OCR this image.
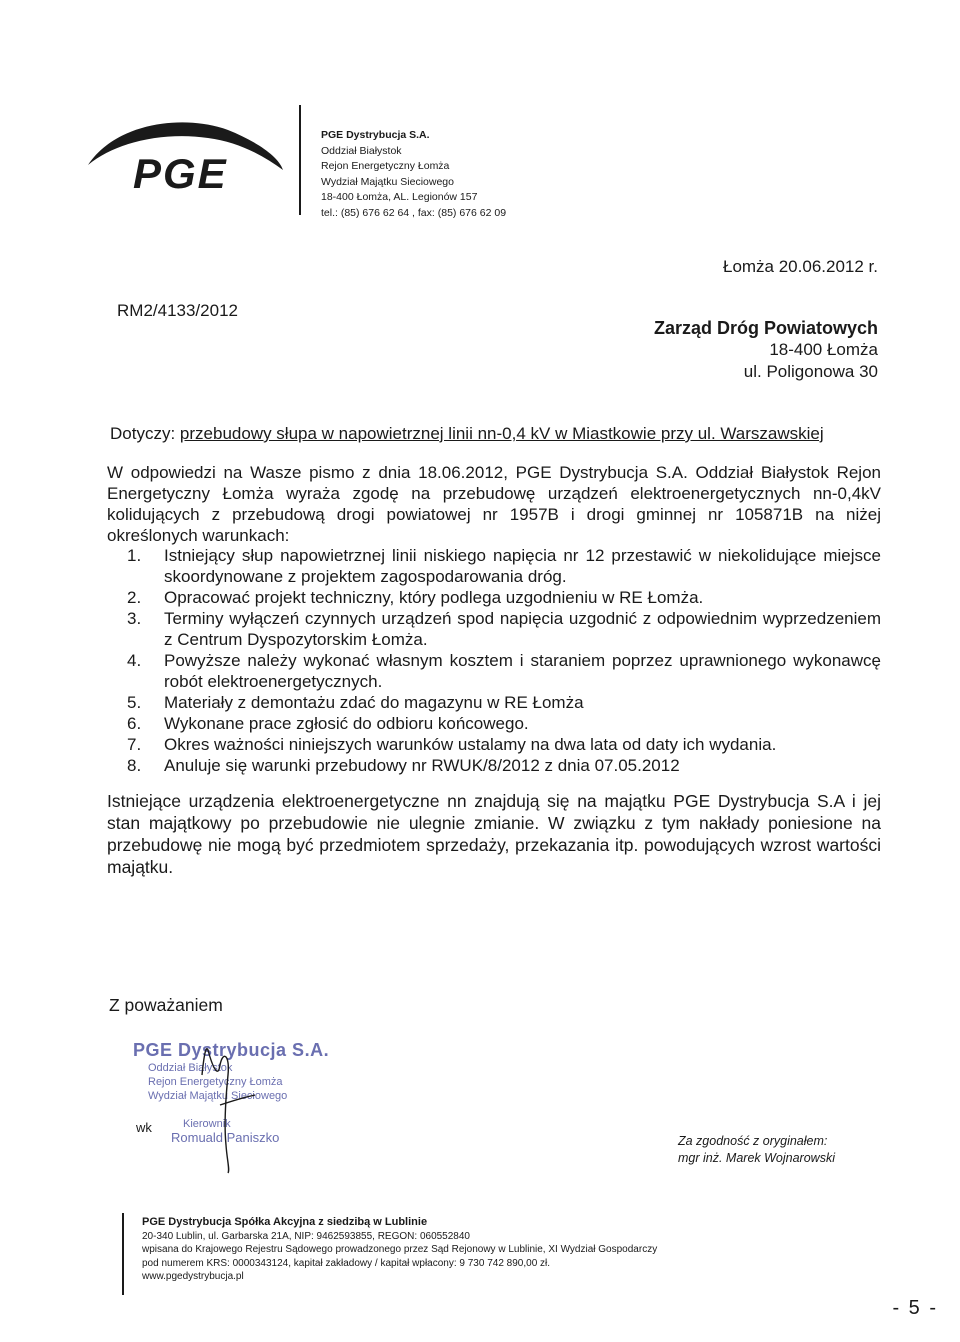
PGE
PGE Dystrybucja S.A.
Oddział Białystok
Rejon Energetyczny Łomża
Wydział Majątku Sieciowego
18-400 Łomża, AL. Legionów 157
tel.: (85) 676 62 64 , fax: (85) 676 62 09
Łomża 20.06.2012 r.
RM2/4133/2012
Zarząd Dróg Powiatowych
18-400 Łomża
ul. Poligonowa 30
Dotyczy: przebudowy słupa w napowietrznej linii nn-0,4 kV w Miastkowie przy ul. Warszawskiej
W odpowiedzi na Wasze pismo z dnia 18.06.2012, PGE Dystrybucja S.A. Oddział Białystok Rejon Energetyczny Łomża wyraża zgodę na przebudowę urządzeń elektroenergetycznych nn-0,4kV kolidujących z przebudową drogi powiatowej nr 1957B i drogi gminnej nr 105871B na niżej określonych warunkach:
1.	Istniejący słup napowietrznej linii niskiego napięcia nr 12 przestawić w niekolidujące miejsce skoordynowane z projektem zagospodarowania dróg.
2.	Opracować projekt techniczny, który podlega uzgodnieniu w RE Łomża.
3.	Terminy wyłączeń czynnych urządzeń spod napięcia uzgodnić z odpowiednim wyprzedzeniem z Centrum Dyspozytorskim Łomża.
4.	Powyższe należy wykonać własnym kosztem i staraniem poprzez uprawnionego wykonawcę robót elektroenergetycznych.
5.	Materiały z demontażu zdać do magazynu w RE Łomża
6.	Wykonane prace zgłosić do odbioru końcowego.
7.	Okres ważności niniejszych warunków ustalamy na dwa lata od daty ich wydania.
8.	Anuluje się warunki przebudowy nr RWUK/8/2012 z dnia 07.05.2012
Istniejące urządzenia elektroenergetyczne nn znajdują się na majątku PGE Dystrybucja S.A i jej stan majątkowy po przebudowie nie ulegnie zmianie. W związku z tym nakłady poniesione na przebudowę nie mogą być przedmiotem sprzedaży, przekazania itp. powodujących wzrost wartości majątku.
Z poważaniem
PGE Dystrybucja S.A.
Oddział Białystok
Rejon Energetyczny Łomża
Wydział Majątku Sieciowego
Kierownik
Romuald Paniszko
wk
Za zgodność z oryginałem:
mgr inż. Marek Wojnarowski
PGE Dystrybucja Spółka Akcyjna z siedzibą w Lublinie
20-340 Lublin, ul. Garbarska 21A, NIP: 9462593855, REGON: 060552840
wpisana do Krajowego Rejestru Sądowego prowadzonego przez Sąd Rejonowy w Lublinie, XI Wydział Gospodarczy
pod numerem KRS: 0000343124, kapitał zakładowy / kapitał wpłacony: 9 730 742 890,00 zł.
www.pgedystrybucja.pl
- 5 -
